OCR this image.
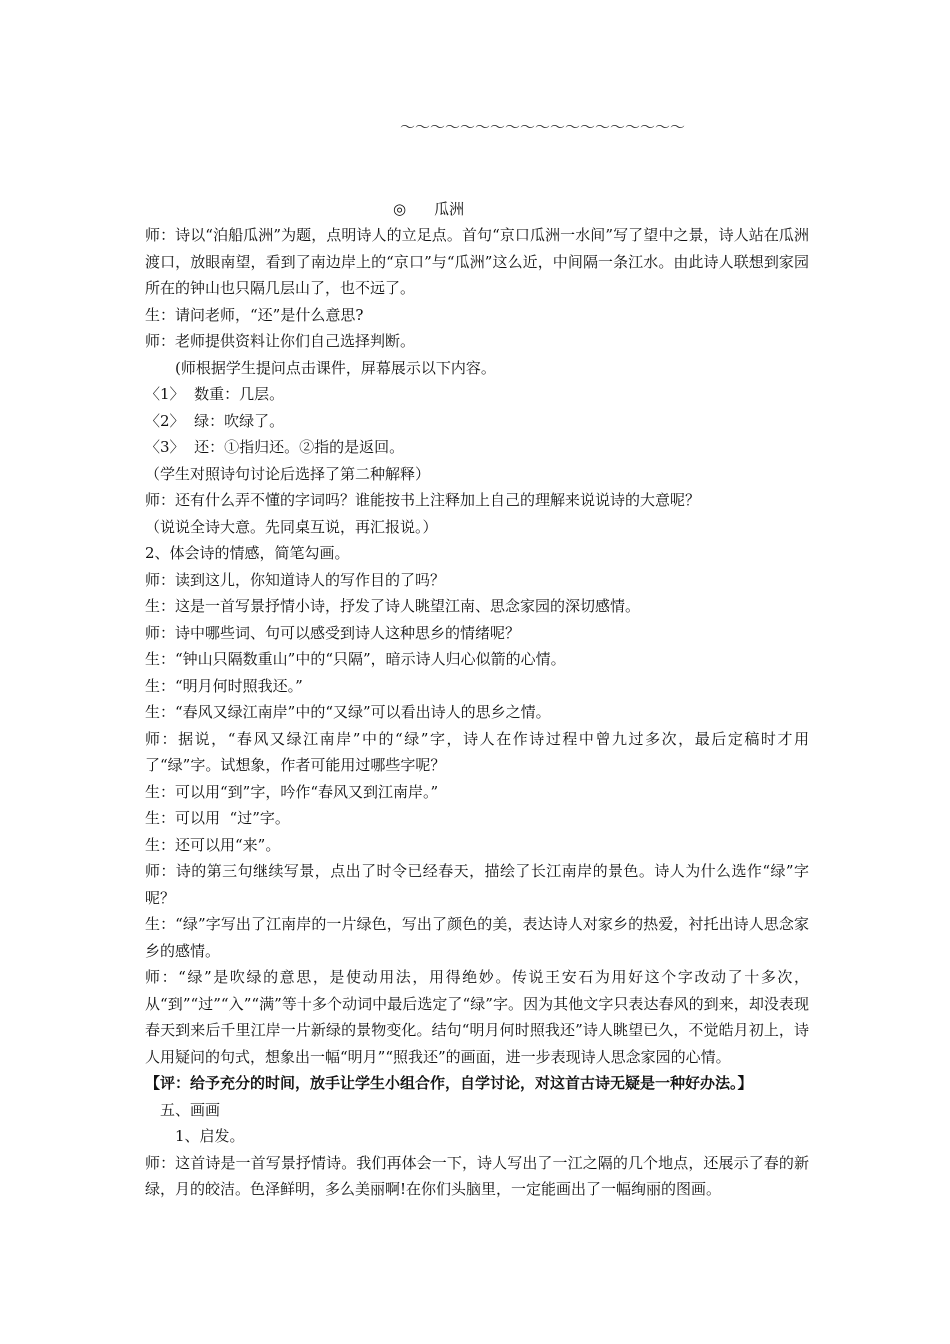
～～～～～～～～～～～～～～～～～～～
◎ 瓜洲

师：诗以“泊船瓜洲”为题，点明诗人的立足点。首句“京口瓜洲一水间”写了望中之景，诗人站在瓜洲渡口，放眼南望，看到了南边岸上的“京口”与“瓜洲”这么近，中间隔一条江水。由此诗人联想到家园所在的钟山也只隔几层山了，也不远了。

生：请问老师，“还”是什么意思?

师：老师提供资料让你们自己选择判断。

(师根据学生提问点击课件，屏幕展示以下内容。

〈1〉  数重：几层。

〈2〉  绿：吹绿了。

〈3〉  还：①指归还。②指的是返回。

（学生对照诗句讨论后选择了第二种解释）

师：还有什么弄不懂的字词吗？谁能按书上注释加上自己的理解来说说诗的大意呢？

（说说全诗大意。先同桌互说，再汇报说。）

2、体会诗的情感，简笔勾画。

师：读到这儿，你知道诗人的写作目的了吗？

生：这是一首写景抒情小诗，抒发了诗人眺望江南、思念家园的深切感情。

师：诗中哪些词、句可以感受到诗人这种思乡的情绪呢？

生：“钟山只隔数重山”中的“只隔”，暗示诗人归心似箭的心情。

生：“明月何时照我还。”

生：“春风又绿江南岸”中的“又绿”可以看出诗人的思乡之情。

师：据说，“春风又绿江南岸”中的“绿”字，诗人在作诗过程中曾九过多次，最后定稿时才用了“绿”字。试想象，作者可能用过哪些字呢？

生：可以用“到”字，吟作“春风又到江南岸。”

生：可以用  “过”字。

生：还可以用“来”。

师：诗的第三句继续写景，点出了时令已经春天，描绘了长江南岸的景色。诗人为什么选作“绿”字呢？

生：“绿”字写出了江南岸的一片绿色，写出了颜色的美，表达诗人对家乡的热爱，衬托出诗人思念家乡的感情。

师：“绿”是吹绿的意思，是使动用法，用得绝妙。传说王安石为用好这个字改动了十多次，从“到”“过”“入”“满”等十多个动词中最后选定了“绿”字。因为其他文字只表达春风的到来，却没表现春天到来后千里江岸一片新绿的景物变化。结句“明月何时照我还”诗人眺望已久，不觉皓月初上，诗人用疑问的句式，想象出一幅“明月”“照我还”的画面，进一步表现诗人思念家园的心情。

【评：给予充分的时间，放手让学生小组合作，自学讨论，对这首古诗无疑是一种好办法。】

五、画画

1、启发。

师：这首诗是一首写景抒情诗。我们再体会一下，诗人写出了一江之隔的几个地点，还展示了春的新绿，月的皎洁。色泽鲜明，多么美丽啊!在你们头脑里，一定能画出了一幅绚丽的图画。
